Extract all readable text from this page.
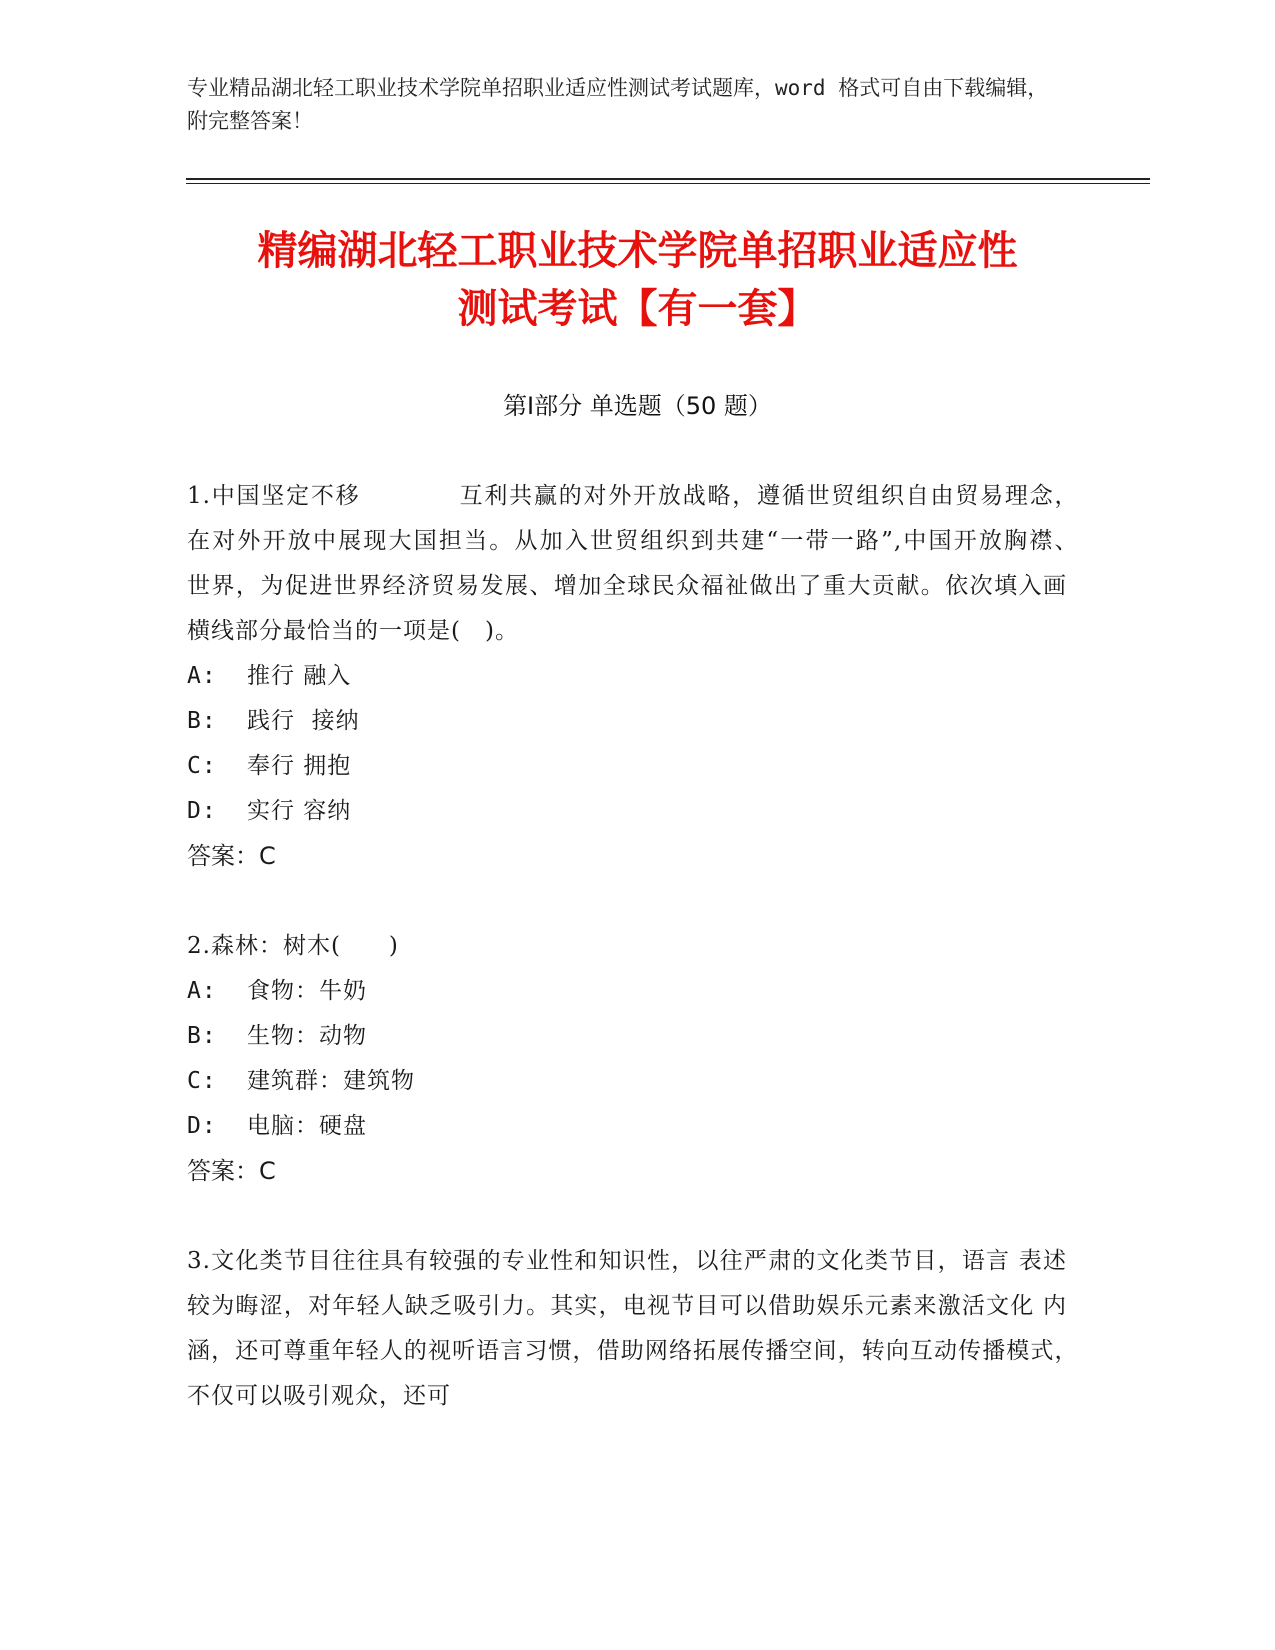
专业精品湖北轻工职业技术学院单招职业适应性测试考试题库，word 格式可自由下载编辑，附完整答案！
精编湖北轻工职业技术学院单招职业适应性
测试考试【有一套】
第Ⅰ部分 单选题（50 题）
1.中国坚定不移　　　　互利共赢的对外开放战略，遵循世贸组织自由贸易理念，　在对外开放中展现大国担当。从加入世贸组织到共建“一带一路”,中国开放胸襟、　　世界，为促进世界经济贸易发展、增加全球民众福祉做出了重大贡献。依次填入画横线部分最恰当的一项是(　)。
A: 推行 融入
B: 践行  接纳
C: 奉行 拥抱
D: 实行 容纳
答案：C
2.森林：树木(　　)
A: 食物：牛奶
B: 生物：动物
C: 建筑群：建筑物
D: 电脑：硬盘
答案：C
3.文化类节目往往具有较强的专业性和知识性，以往严肃的文化类节目，语言 表述较为晦涩，对年轻人缺乏吸引力。其实，电视节目可以借助娱乐元素来激活文化 内涵，还可尊重年轻人的视听语言习惯，借助网络拓展传播空间，转向互动传播模式，　不仅可以吸引观众，还可
